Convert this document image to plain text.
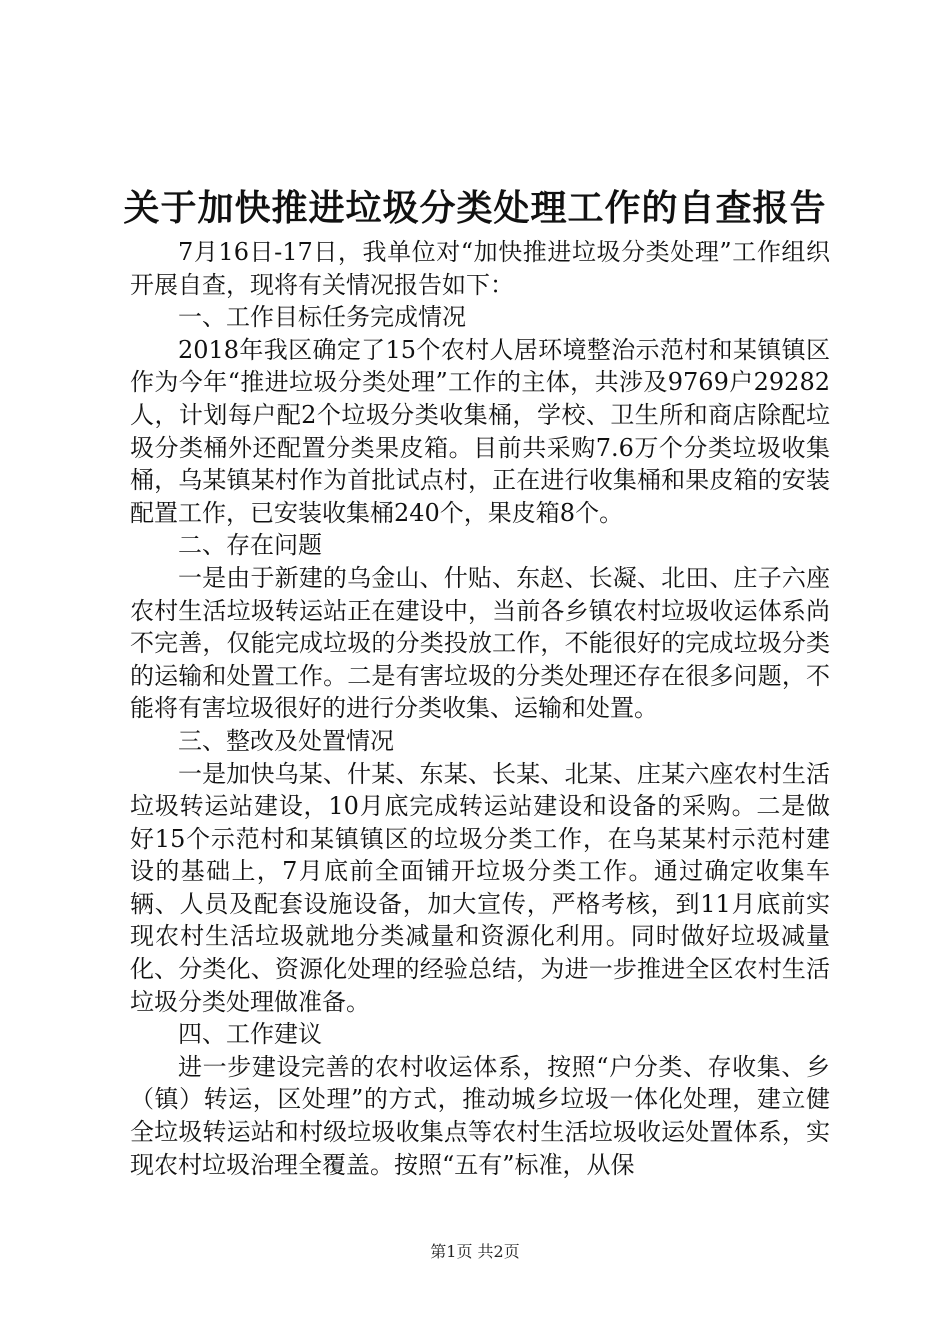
关于加快推进垃圾分类处理工作的自查报告

7月16日-17日，我单位对“加快推进垃圾分类处理”工作组织开展自查，现将有关情况报告如下：

一、工作目标任务完成情况

2018年我区确定了15个农村人居环境整治示范村和某镇镇区作为今年“推进垃圾分类处理”工作的主体，共涉及9769户29282人，计划每户配2个垃圾分类收集桶，学校、卫生所和商店除配垃圾分类桶外还配置分类果皮箱。目前共采购7.6万个分类垃圾收集桶，乌某镇某村作为首批试点村，正在进行收集桶和果皮箱的安装配置工作，已安装收集桶240个，果皮箱8个。

二、存在问题

一是由于新建的乌金山、什贴、东赵、长凝、北田、庄子六座农村生活垃圾转运站正在建设中，当前各乡镇农村垃圾收运体系尚不完善，仅能完成垃圾的分类投放工作，不能很好的完成垃圾分类的运输和处置工作。二是有害垃圾的分类处理还存在很多问题，不能将有害垃圾很好的进行分类收集、运输和处置。

三、整改及处置情况

一是加快乌某、什某、东某、长某、北某、庄某六座农村生活垃圾转运站建设，10月底完成转运站建设和设备的采购。二是做好15个示范村和某镇镇区的垃圾分类工作，在乌某某村示范村建设的基础上，7月底前全面铺开垃圾分类工作。通过确定收集车辆、人员及配套设施设备，加大宣传，严格考核，到11月底前实现农村生活垃圾就地分类减量和资源化利用。同时做好垃圾减量化、分类化、资源化处理的经验总结，为进一步推进全区农村生活垃圾分类处理做准备。

四、工作建议

进一步建设完善的农村收运体系，按照“户分类、存收集、乡（镇）转运，区处理”的方式，推动城乡垃圾一体化处理，建立健全垃圾转运站和村级垃圾收集点等农村生活垃圾收运处置体系，实现农村垃圾治理全覆盖。按照“五有”标准，从保

第1页 共2页
